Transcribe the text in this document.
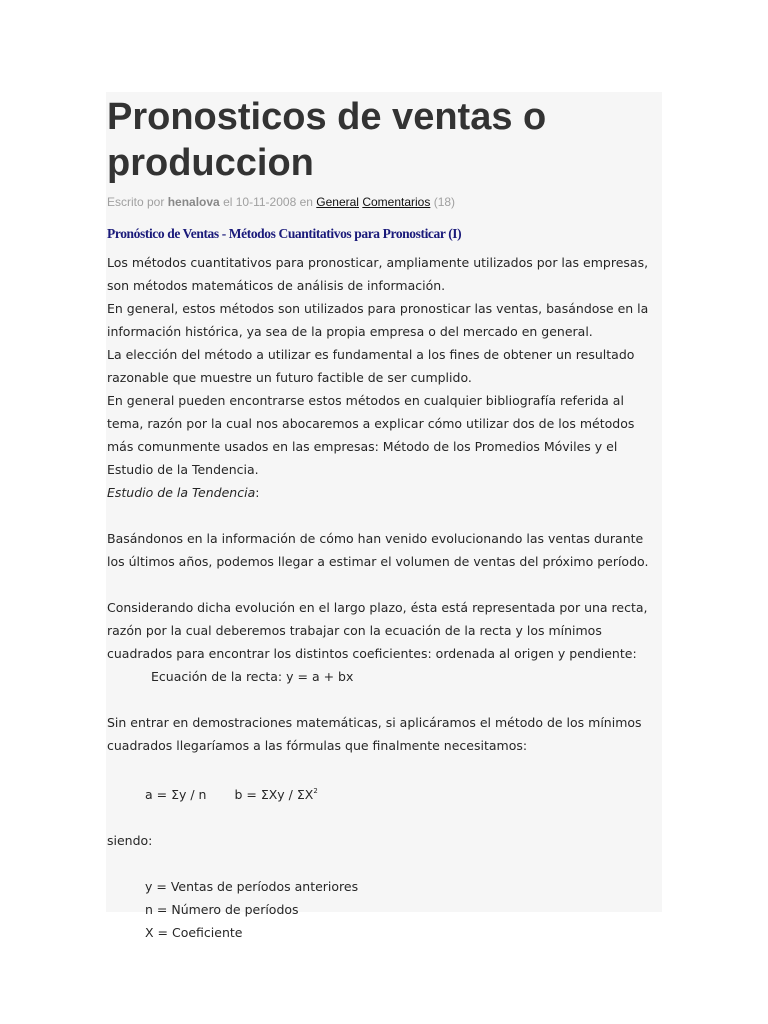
Pronosticos de ventas o produccion
Escrito por henalova el 10-11-2008 en General Comentarios (18)
Pronóstico de Ventas - Métodos Cuantitativos para Pronosticar (I)

Los métodos cuantitativos para pronosticar, ampliamente utilizados por las empresas, son métodos matemáticos de análisis de información.

En general, estos métodos son utilizados para pronosticar las ventas, basándose en la información histórica, ya sea de la propia empresa o del mercado en general.

La elección del método a utilizar es fundamental a los fines de obtener un resultado razonable que muestre un futuro factible de ser cumplido.

En general pueden encontrarse estos métodos en cualquier bibliografía referida al tema, razón por la cual nos abocaremos a explicar cómo utilizar dos de los métodos más comunmente usados en las empresas: Método de los Promedios Móviles y el Estudio de la Tendencia.

Estudio de la Tendencia:

Basándonos en la información de cómo han venido evolucionando las ventas durante los últimos años, podemos llegar a estimar el volumen de ventas del próximo período.

Considerando dicha evolución en el largo plazo, ésta está representada por una recta, razón por la cual deberemos trabajar con la ecuación de la recta y los mínimos cuadrados para encontrar los distintos coeficientes: ordenada al origen y pendiente:

Ecuación de la recta: y = a + bx

Sin entrar en demostraciones matemáticas, si aplicáramos el método de los mínimos cuadrados llegaríamos a las fórmulas que finalmente necesitamos:

a = Σy / n $b = \Sigma Xy / \Sigma X^2$

siendo:

y = Ventas de períodos anteriores

n = Número de períodos

X = Coeficiente
